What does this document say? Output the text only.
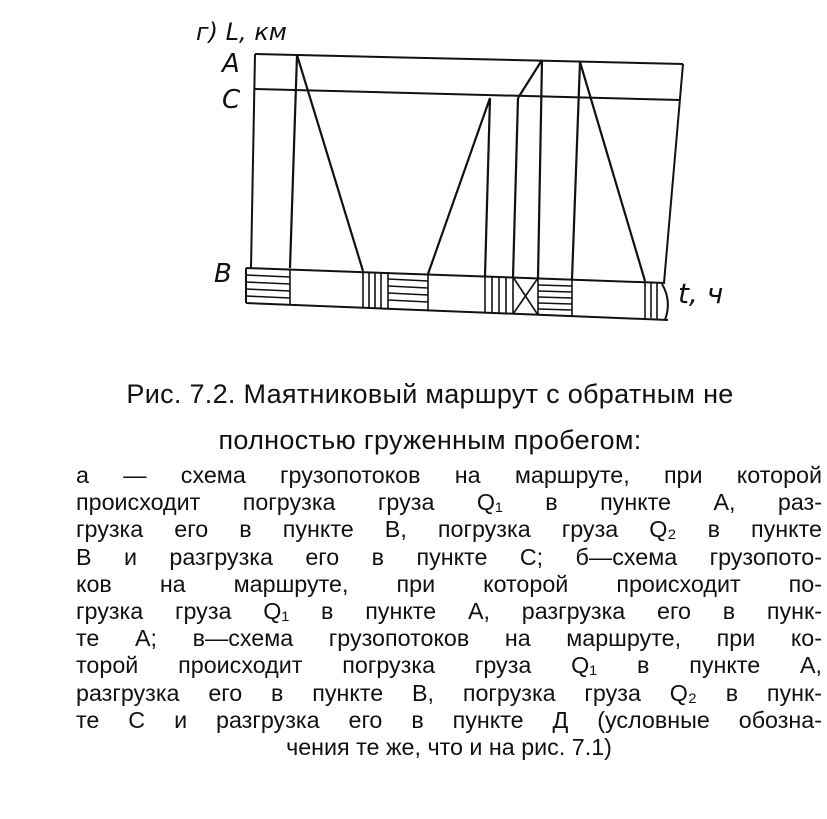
г) L, км
A
C
B
t, ч
Рис. 7.2. Маятниковый маршрут с обратным не
полностью груженным пробегом:
а — схема грузопотоков на маршруте, при которой
происходит погрузка груза Q₁ в пункте А, раз-
грузка его в пункте В, погрузка груза Q₂ в пункте
В и разгрузка его в пункте С; б—схема грузопото-
ков на маршруте, при которой происходит по-
грузка груза Q₁ в пункте А, разгрузка его в пунк-
те А; в—схема грузопотоков на маршруте, при ко-
торой происходит погрузка груза Q₁ в пункте А,
разгрузка его в пункте В, погрузка груза Q₂ в пунк-
те С и разгрузка его в пункте Д (условные обозна-
чения те же, что и на рис. 7.1)
